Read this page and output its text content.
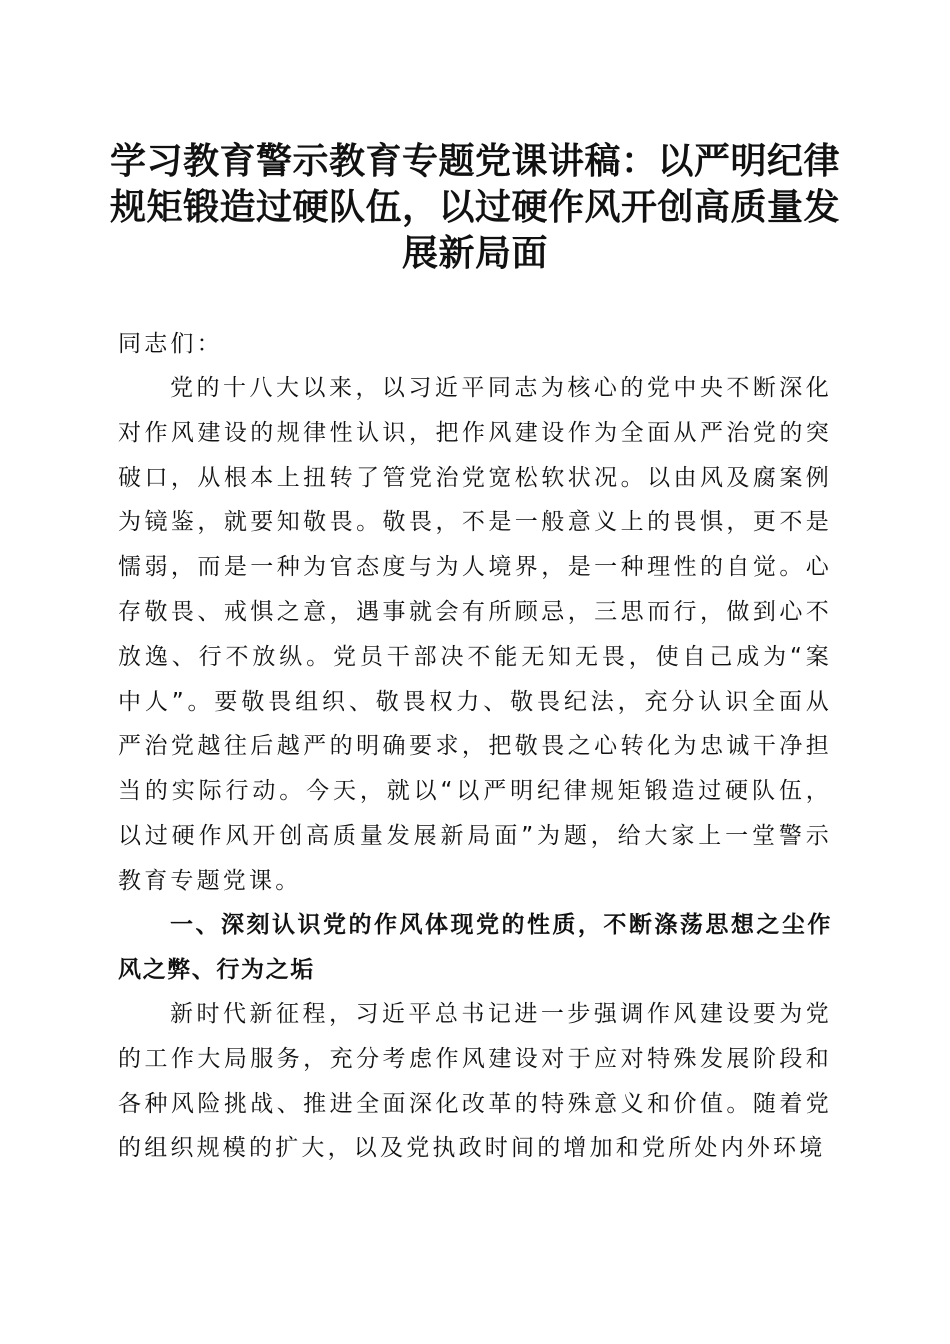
学习教育警示教育专题党课讲稿：以严明纪律规矩锻造过硬队伍，以过硬作风开创高质量发展新局面

同志们：

党的十八大以来，以习近平同志为核心的党中央不断深化对作风建设的规律性认识，把作风建设作为全面从严治党的突破口，从根本上扭转了管党治党宽松软状况。以由风及腐案例为镜鉴，就要知敬畏。敬畏，不是一般意义上的畏惧，更不是懦弱，而是一种为官态度与为人境界，是一种理性的自觉。心存敬畏、戒惧之意，遇事就会有所顾忌，三思而行，做到心不放逸、行不放纵。党员干部决不能无知无畏，使自己成为“案中人”。要敬畏组织、敬畏权力、敬畏纪法，充分认识全面从严治党越往后越严的明确要求，把敬畏之心转化为忠诚干净担当的实际行动。今天，就以“以严明纪律规矩锻造过硬队伍，以过硬作风开创高质量发展新局面”为题，给大家上一堂警示教育专题党课。

一、深刻认识党的作风体现党的性质，不断涤荡思想之尘作风之弊、行为之垢

新时代新征程，习近平总书记进一步强调作风建设要为党的工作大局服务，充分考虑作风建设对于应对特殊发展阶段和各种风险挑战、推进全面深化改革的特殊意义和价值。随着党的组织规模的扩大，以及党执政时间的增加和党所处内外环境
